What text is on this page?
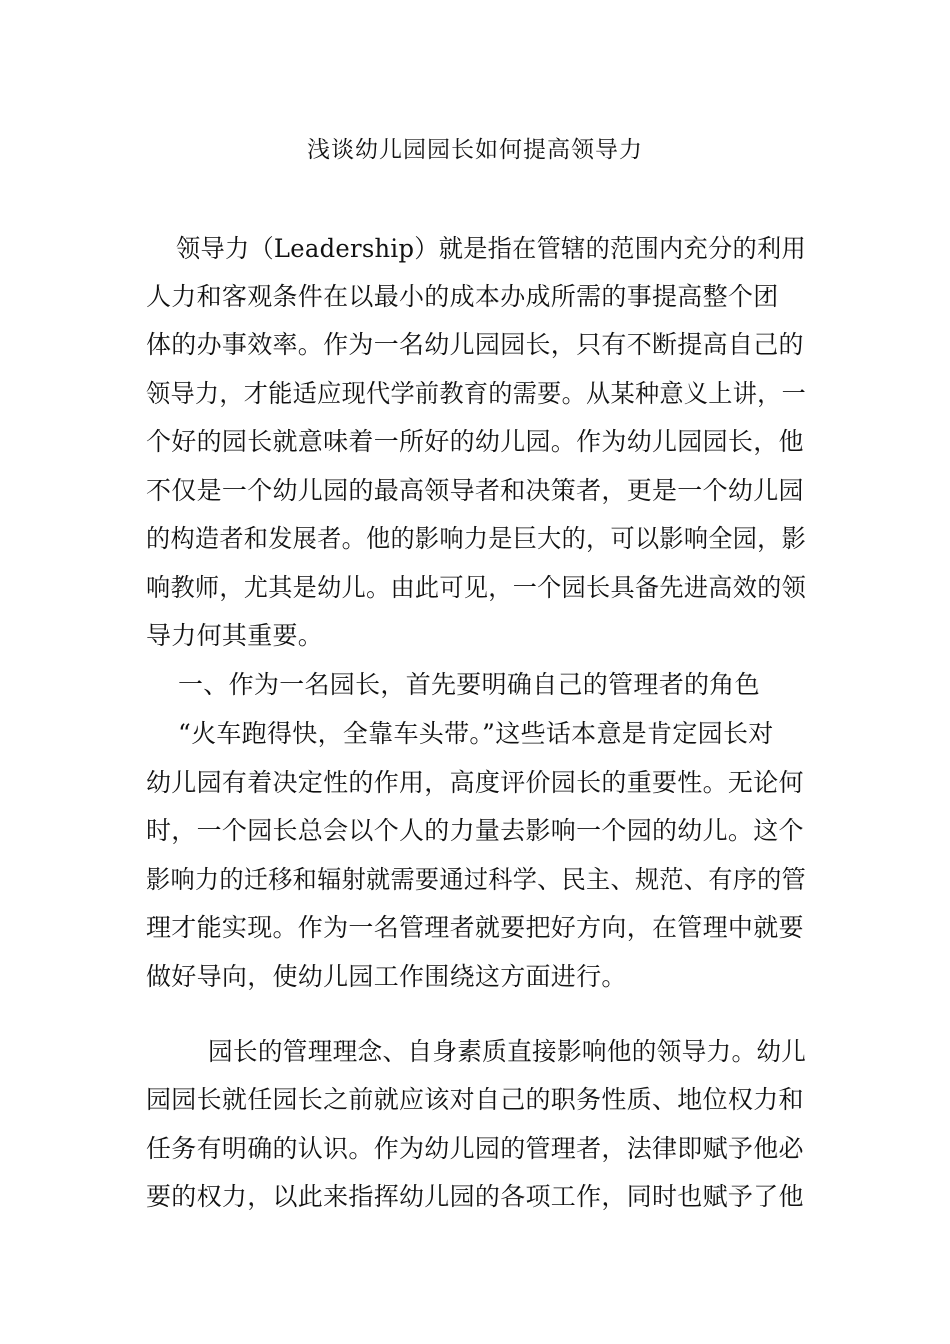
浅谈幼儿园园长如何提高领导力
领导力（Leadership）就是指在管辖的范围内充分的利用
人力和客观条件在以最小的成本办成所需的事提高整个团
体的办事效率。作为一名幼儿园园长，只有不断提高自己的
领导力，才能适应现代学前教育的需要。从某种意义上讲，一
个好的园长就意味着一所好的幼儿园。作为幼儿园园长，他
不仅是一个幼儿园的最高领导者和决策者，更是一个幼儿园
的构造者和发展者。他的影响力是巨大的，可以影响全园，影
响教师，尤其是幼儿。由此可见，一个园长具备先进高效的领
导力何其重要。
一、作为一名园长，首先要明确自己的管理者的角色
“火车跑得快，全靠车头带。”这些话本意是肯定园长对
幼儿园有着决定性的作用，高度评价园长的重要性。无论何
时，一个园长总会以个人的力量去影响一个园的幼儿。这个
影响力的迁移和辐射就需要通过科学、民主、规范、有序的管
理才能实现。作为一名管理者就要把好方向，在管理中就要
做好导向，使幼儿园工作围绕这方面进行。
园长的管理理念、自身素质直接影响他的领导力。幼儿
园园长就任园长之前就应该对自己的职务性质、地位权力和
任务有明确的认识。作为幼儿园的管理者，法律即赋予他必
要的权力，以此来指挥幼儿园的各项工作，同时也赋予了他
